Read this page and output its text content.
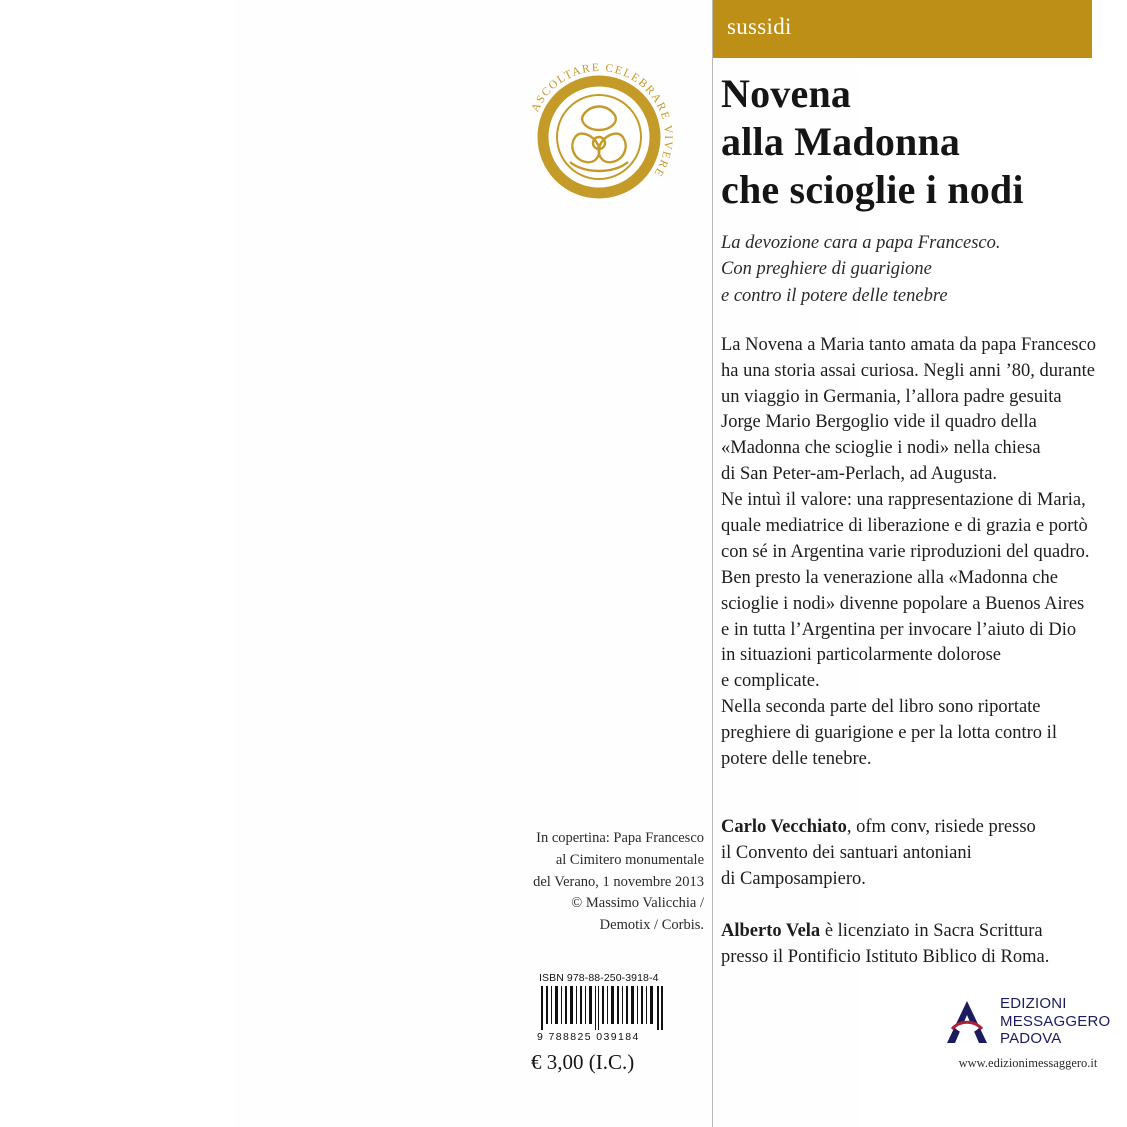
sussidi
ASCOLTARE CELEBRARE VIVERE
Novena
alla Madonna
che scioglie i nodi
La devozione cara a papa Francesco.
Con preghiere di guarigione
e contro il potere delle tenebre
La Novena a Maria tanto amata da papa Francesco
ha una storia assai curiosa. Negli anni ’80, durante
un viaggio in Germania, l’allora padre gesuita
Jorge Mario Bergoglio vide il quadro della
«Madonna che scioglie i nodi» nella chiesa
di San Peter-am-Perlach, ad Augusta.
Ne intuì il valore: una rappresentazione di Maria,
quale mediatrice di liberazione e di grazia e portò
con sé in Argentina varie riproduzioni del quadro.
Ben presto la venerazione alla «Madonna che
scioglie i nodi» divenne popolare a Buenos Aires
e in tutta l’Argentina per invocare l’aiuto di Dio
in situazioni particolarmente dolorose
e complicate.
Nella seconda parte del libro sono riportate
preghiere di guarigione e per la lotta contro il
potere delle tenebre.
Carlo Vecchiato, ofm conv, risiede presso
il Convento dei santuari antoniani
di Camposampiero.
Alberto Vela è licenziato in Sacra Scrittura
presso il Pontificio Istituto Biblico di Roma.
In copertina: Papa Francesco
al Cimitero monumentale
del Verano, 1 novembre 2013
© Massimo Valicchia /
Demotix / Corbis.
ISBN 978-88-250-3918-4
9 788825 039184
€ 3,00 (I.C.)
EDIZIONI
MESSAGGERO
PADOVA
www.edizionimessaggero.it
